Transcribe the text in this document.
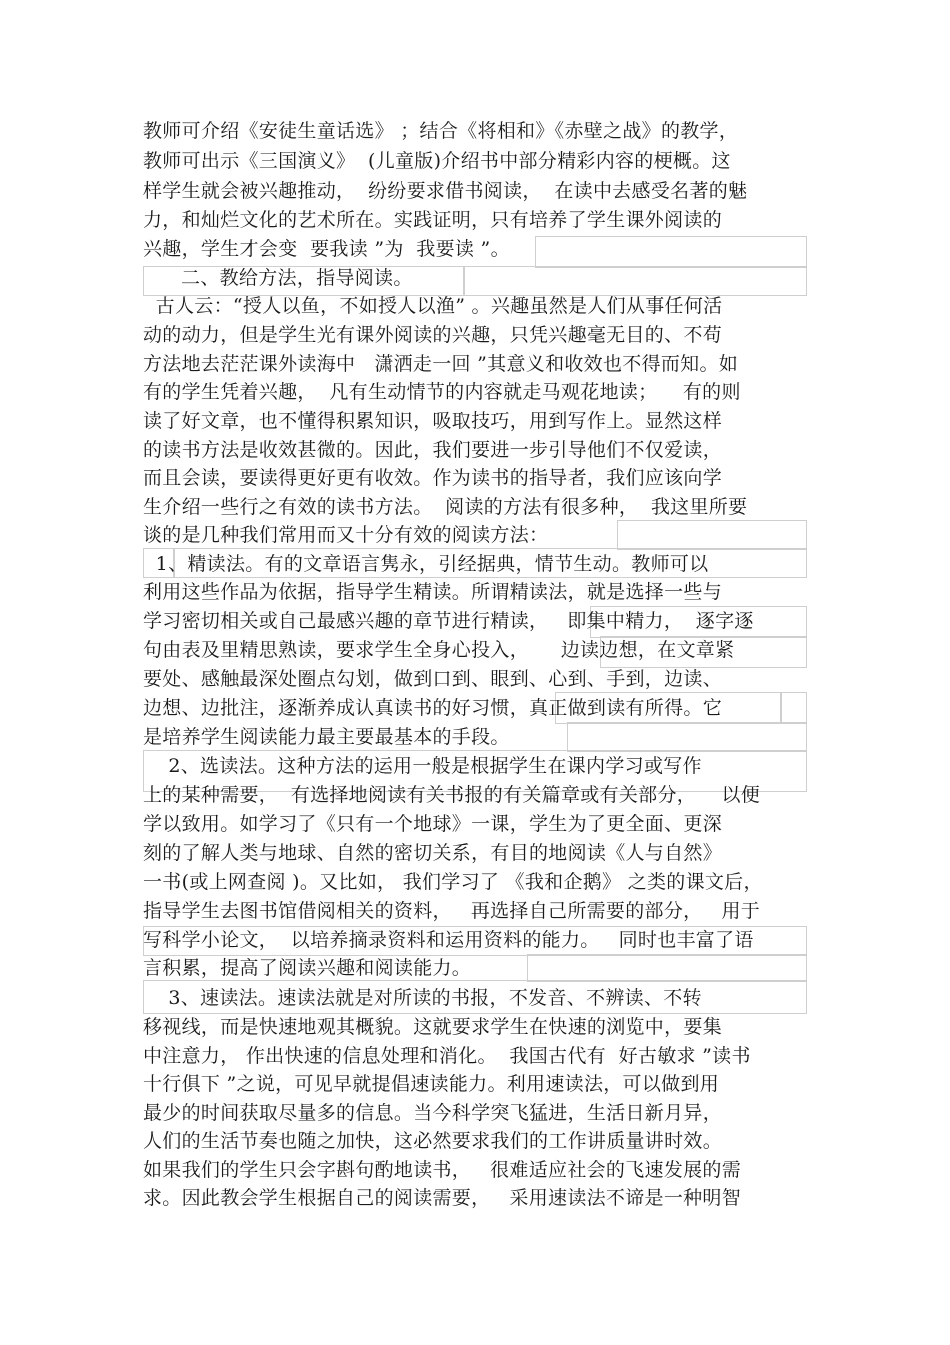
教师可介绍《安徒生童话选》 ；结合《将相和》《赤壁之战》的教学，
教师可出示《三国演义》  (儿童版)介绍书中部分精彩内容的梗概。这
样学生就会被兴趣推动，  纷纷要求借书阅读，  在读中去感受名著的魅
力，和灿烂文化的艺术所在。实践证明，只有培养了学生课外阅读的
兴趣，学生才会变  要我读 ”为  我要读 ”。
二、教给方法，指导阅读。
古人云：“授人以鱼，不如授人以渔” 。兴趣虽然是人们从事任何活
动的动力，但是学生光有课外阅读的兴趣，只凭兴趣毫无目的、不苟
方法地去茫茫课外读海中   潇洒走一回 ”其意义和收效也不得而知。如
有的学生凭着兴趣，  凡有生动情节的内容就走马观花地读；    有的则
读了好文章，也不懂得积累知识，吸取技巧，用到写作上。显然这样
的读书方法是收效甚微的。因此，我们要进一步引导他们不仅爱读，
而且会读，要读得更好更有收效。作为读书的指导者，我们应该向学
生介绍一些行之有效的读书方法。  阅读的方法有很多种，  我这里所要
谈的是几种我们常用而又十分有效的阅读方法：
1、精读法。有的文章语言隽永，引经据典，情节生动。教师可以
利用这些作品为依据，指导学生精读。所谓精读法，就是选择一些与
学习密切相关或自己最感兴趣的章节进行精读，   即集中精力，  逐字逐
句由表及里精思熟读，要求学生全身心投入，     边读边想，在文章紧
要处、感触最深处圈点勾划，做到口到、眼到、心到、手到，边读、
边想、边批注，逐渐养成认真读书的好习惯，真正做到读有所得。它
是培养学生阅读能力最主要最基本的手段。
2、选读法。这种方法的运用一般是根据学生在课内学习或写作
上的某种需要，  有选择地阅读有关书报的有关篇章或有关部分，    以便
学以致用。如学习了《只有一个地球》一课，学生为了更全面、更深
刻的了解人类与地球、自然的密切关系，有目的地阅读《人与自然》
一书(或上网查阅 )。又比如， 我们学习了 《我和企鹅》 之类的课文后，
指导学生去图书馆借阅相关的资料，   再选择自己所需要的部分，   用于
写科学小论文，  以培养摘录资料和运用资料的能力。   同时也丰富了语
言积累，提高了阅读兴趣和阅读能力。
3、速读法。速读法就是对所读的书报，不发音、不辨读、不转
移视线，而是快速地观其概貌。这就要求学生在快速的浏览中，要集
中注意力， 作出快速的信息处理和消化。  我国古代有  好古敏求 ”读书
十行俱下 ”之说，可见早就提倡速读能力。利用速读法，可以做到用
最少的时间获取尽量多的信息。当今科学突飞猛进，生活日新月异，
人们的生活节奏也随之加快，这必然要求我们的工作讲质量讲时效。
如果我们的学生只会字斟句酌地读书，   很难适应社会的飞速发展的需
求。因此教会学生根据自己的阅读需要，   采用速读法不谛是一种明智
